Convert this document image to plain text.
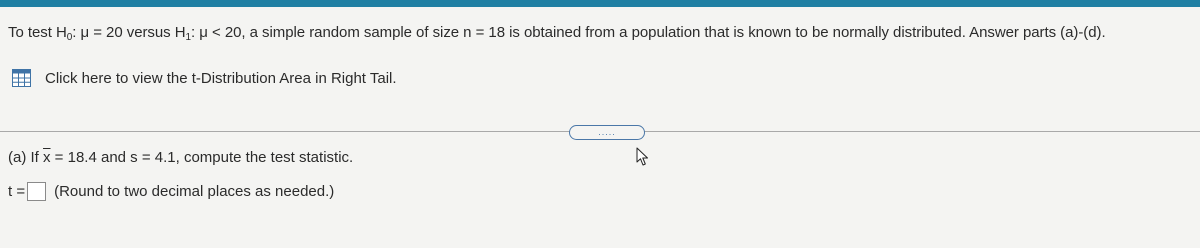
To test $H_0$: μ = 20 versus $H_1$: μ < 20, a simple random sample of size n = 18 is obtained from a population that is known to be normally distributed. Answer parts (a)-(d).
Click here to view the t-Distribution Area in Right Tail.
.....
(a) If $\overline{x} = 18.4$ and s = 4.1, compute the test statistic.
t = (Round to two decimal places as needed.)
